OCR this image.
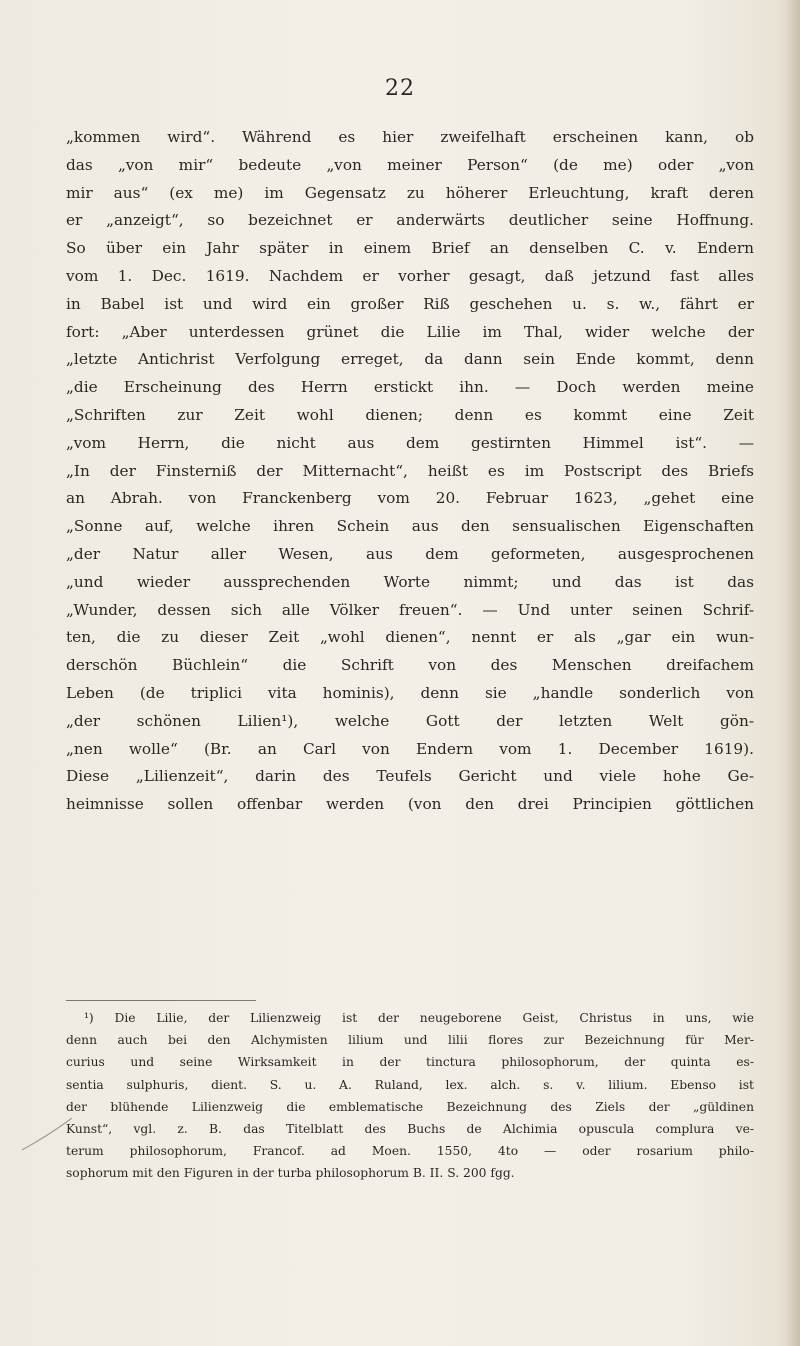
22
„kommen wird“. Während es hier zweifelhaft erscheinen kann, ob
das „von mir“ bedeute „von meiner Person“ (de me) oder „von
mir aus“ (ex me) im Gegensatz zu höherer Erleuchtung, kraft deren
er „anzeigt“, so bezeichnet er anderwärts deutlicher seine Hoffnung.
So über ein Jahr später in einem Brief an denselben C. v. Endern
vom 1. Dec. 1619. Nachdem er vorher gesagt, daß jetzund fast alles
in Babel ist und wird ein großer Riß geschehen u. s. w., fährt er
fort: „Aber unterdessen grünet die Lilie im Thal, wider welche der
„letzte Antichrist Verfolgung erreget, da dann sein Ende kommt, denn
„die Erscheinung des Herrn erstickt ihn. — Doch werden meine
„Schriften zur Zeit wohl dienen; denn es kommt eine Zeit
„vom Herrn, die nicht aus dem gestirnten Himmel ist“. —
„In der Finsterniß der Mitternacht“, heißt es im Postscript des Briefs
an Abrah. von Franckenberg vom 20. Februar 1623, „gehet eine
„Sonne auf, welche ihren Schein aus den sensualischen Eigenschaften
„der Natur aller Wesen, aus dem geformeten, ausgesprochenen
„und wieder aussprechenden Worte nimmt; und das ist das
„Wunder, dessen sich alle Völker freuen“. — Und unter seinen Schrif-
ten, die zu dieser Zeit „wohl dienen“, nennt er als „gar ein wun-
derschön Büchlein“ die Schrift von des Menschen dreifachem
Leben (de triplici vita hominis), denn sie „handle sonderlich von
„der schönen Lilien¹), welche Gott der letzten Welt gön-
„nen wolle“ (Br. an Carl von Endern vom 1. December 1619).
Diese „Lilienzeit“, darin des Teufels Gericht und viele hohe Ge-
heimnisse sollen offenbar werden (von den drei Principien göttlichen
¹) Die Lilie, der Lilienzweig ist der neugeborene Geist, Christus in uns, wie
denn auch bei den Alchymisten lilium und lilii flores zur Bezeichnung für Mer-
curius und seine Wirksamkeit in der tinctura philosophorum, der quinta es-
sentia sulphuris, dient. S. u. A. Ruland, lex. alch. s. v. lilium. Ebenso ist
der blühende Lilienzweig die emblematische Bezeichnung des Ziels der „güldinen
Kunst“, vgl. z. B. das Titelblatt des Buchs de Alchimia opuscula complura ve-
terum philosophorum, Francof. ad Moen. 1550, 4to — oder rosarium philo-
sophorum mit den Figuren in der turba philosophorum B. II. S. 200 fgg.
